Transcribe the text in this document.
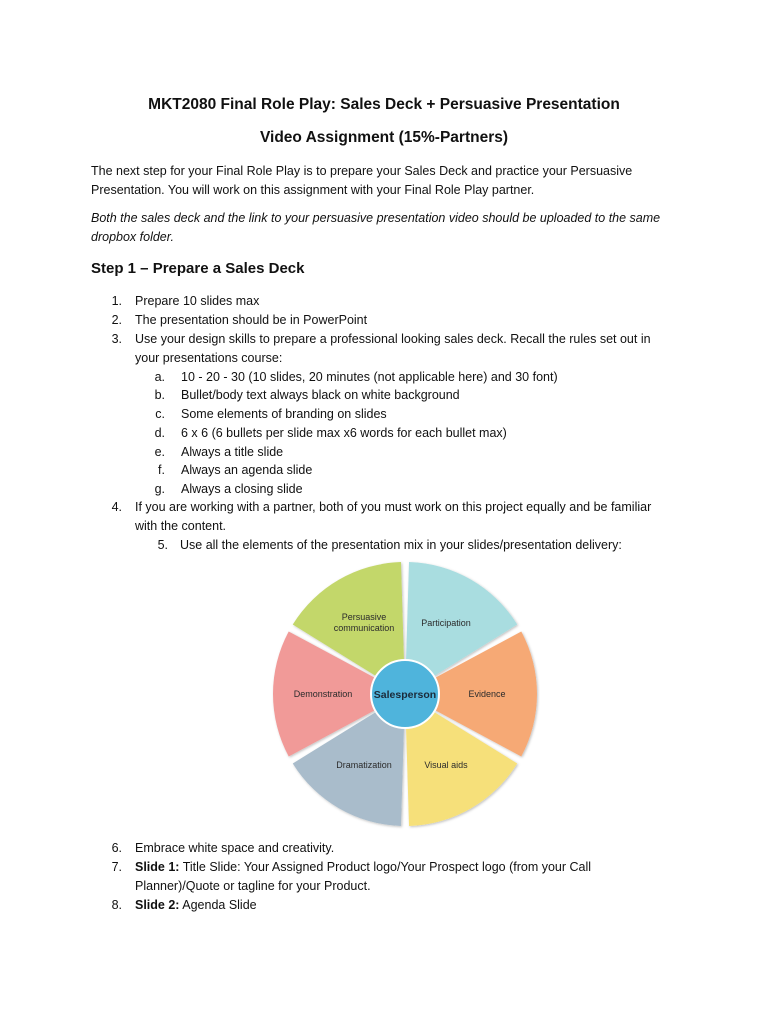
MKT2080 Final Role Play: Sales Deck + Persuasive Presentation
Video Assignment (15%-Partners)
The next step for your Final Role Play is to prepare your Sales Deck and practice your Persuasive
Presentation. You will work on this assignment with your Final Role Play partner.
Both the sales deck and the link to your persuasive presentation video should be uploaded to the same
dropbox folder.
Step 1 – Prepare a Sales Deck
1. Prepare 10 slides max
2. The presentation should be in PowerPoint
3. Use your design skills to prepare a professional looking sales deck. Recall the rules set out in
your presentations course:
a. 10 - 20 - 30 (10 slides, 20 minutes (not applicable here) and 30 font)
b. Bullet/body text always black on white background
c. Some elements of branding on slides
d. 6 x 6 (6 bullets per slide max x6 words for each bullet max)
e. Always a title slide
f. Always an agenda slide
g. Always a closing slide
4. If you are working with a partner, both of you must work on this project equally and be familiar
with the content.
5. Use all the elements of the presentation mix in your slides/presentation delivery:
Salesperson
Persuasive communication	Participation
Evidence
Visual aids
Dramatization
Demonstration
6. Embrace white space and creativity.
7. Slide 1: Title Slide: Your Assigned Product logo/Your Prospect logo (from your Call
Planner)/Quote or tagline for your Product.
8. Slide 2: Agenda Slide
